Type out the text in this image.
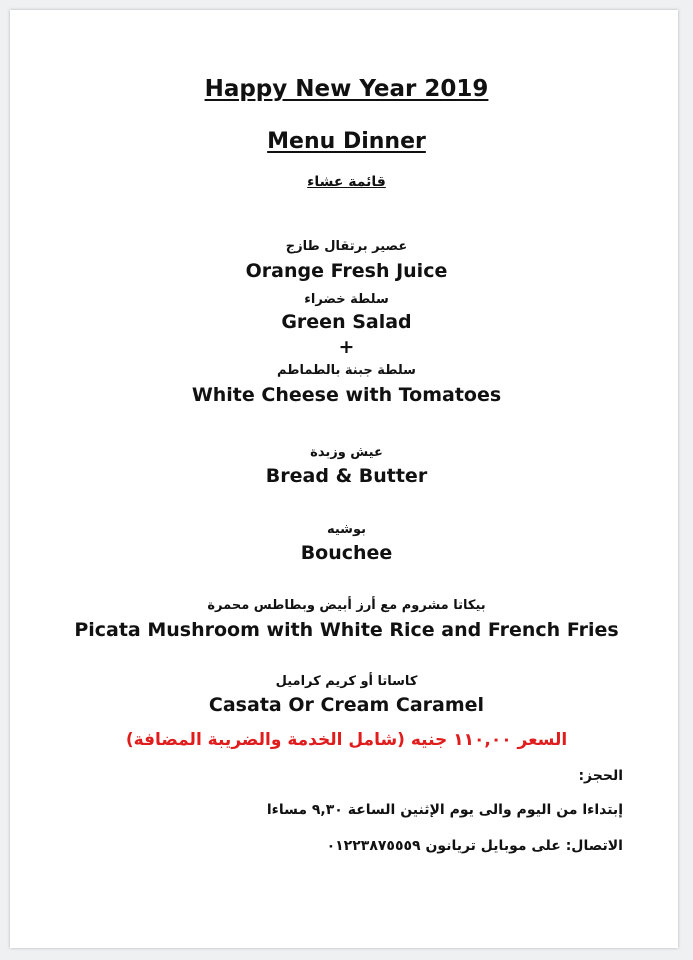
Happy New Year 2019
Menu Dinner
قائمة عشاء
عصير برتقال طازج
Orange Fresh Juice
سلطة خضراء
Green Salad
+
سلطة جبنة بالطماطم
White Cheese with Tomatoes
عيش وزبدة
Bread & Butter
بوشيه
Bouchee
بيكاتا مشروم مع أرز أبيض وبطاطس محمرة
Picata Mushroom with White Rice and French Fries
كاساتا أو كريم كراميل
Casata Or Cream Caramel
السعر ١١٠,٠٠ جنيه (شامل الخدمة والضريبة المضافة)
الحجز:
إبتداءا من اليوم والى يوم الإثنين الساعة ٩,٣٠ مساءا
الاتصال: على موبايل تريانون ٠١٢٢٣٨٧٥٥٥٩
